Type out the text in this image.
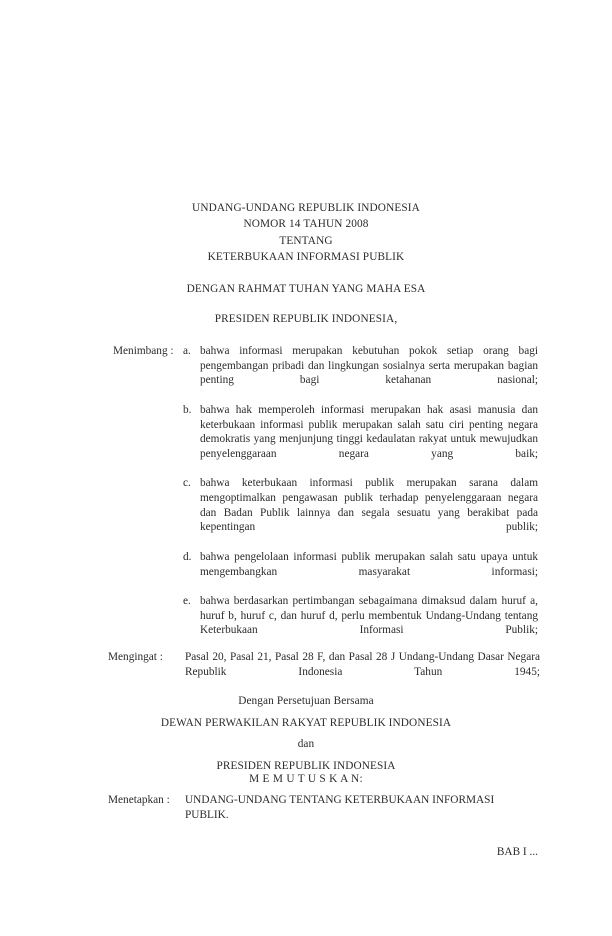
UNDANG-UNDANG REPUBLIK INDONESIA
NOMOR 14 TAHUN 2008
TENTANG
KETERBUKAAN INFORMASI PUBLIK
DENGAN RAHMAT TUHAN YANG MAHA ESA
PRESIDEN REPUBLIK INDONESIA,
Menimbang : a. bahwa informasi merupakan kebutuhan pokok setiap orang bagi pengembangan pribadi dan lingkungan sosialnya serta merupakan bagian penting bagi ketahanan nasional;
b. bahwa hak memperoleh informasi merupakan hak asasi manusia dan keterbukaan informasi publik merupakan salah satu ciri penting negara demokratis yang menjunjung tinggi kedaulatan rakyat untuk mewujudkan penyelenggaraan negara yang baik;
c. bahwa keterbukaan informasi publik merupakan sarana dalam mengoptimalkan pengawasan publik terhadap penyelenggaraan negara dan Badan Publik lainnya dan segala sesuatu yang berakibat pada kepentingan publik;
d. bahwa pengelolaan informasi publik merupakan salah satu upaya untuk mengembangkan masyarakat informasi;
e. bahwa berdasarkan pertimbangan sebagaimana dimaksud dalam huruf a, huruf b, huruf c, dan huruf d, perlu membentuk Undang-Undang tentang Keterbukaan Informasi Publik;
Mengingat :	Pasal 20, Pasal 21, Pasal 28 F, dan Pasal 28 J Undang-Undang Dasar Negara Republik Indonesia Tahun 1945;
Dengan Persetujuan Bersama
DEWAN PERWAKILAN RAKYAT REPUBLIK INDONESIA
dan
PRESIDEN REPUBLIK INDONESIA
M E M U T U S K A N:
Menetapkan :	UNDANG-UNDANG TENTANG KETERBUKAAN INFORMASI PUBLIK.
BAB I ...
